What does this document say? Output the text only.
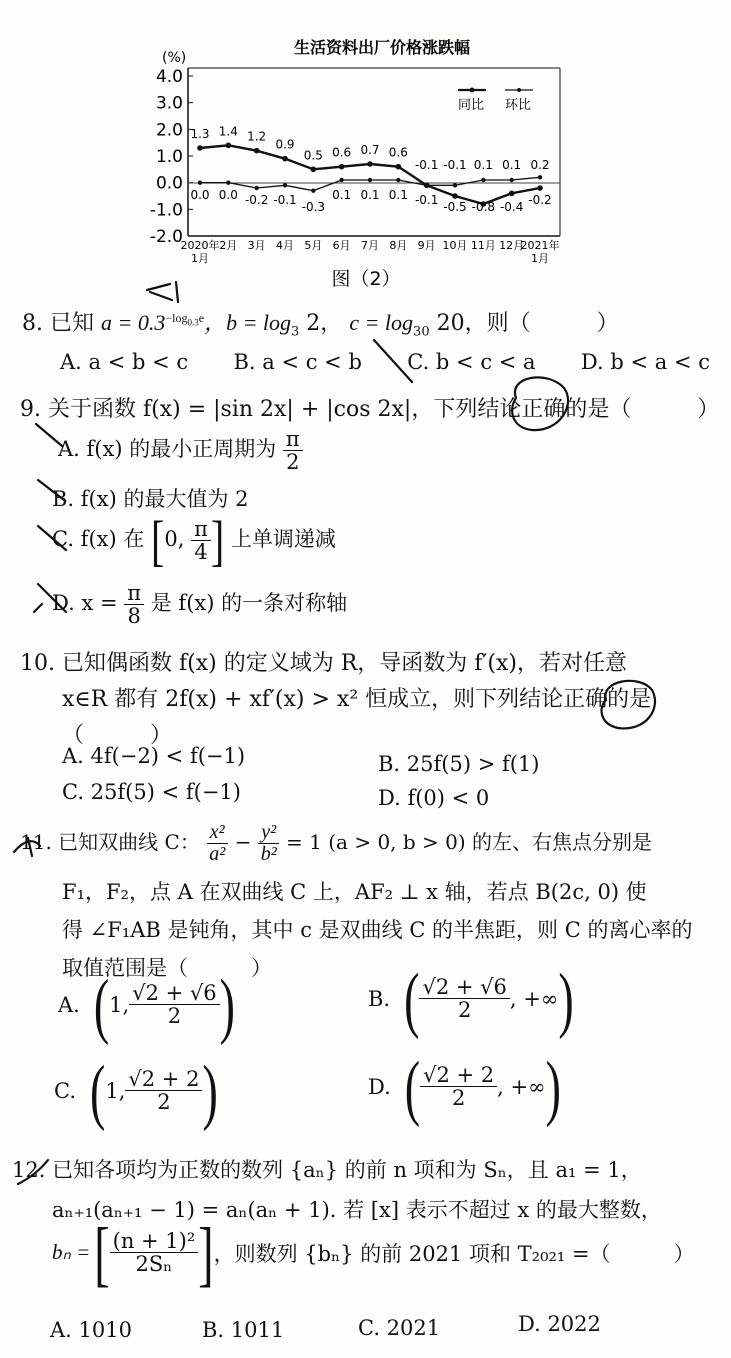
生活资料出厂价格涨跌幅
(%)
4.0
3.0
2.0
1.0
0.0
-1.0
-2.0
2020年 1月
2月 3月 4月 5月 6月 7月 8月 9月 10月 11月 12月
2021年 1月
1.3 1.4 1.2
0.9
0.5 0.6 0.7 0.6
-0.1 -0.1 0.1 0.1 0.2
0.0 0.0 -0.2 -0.1 -0.3
0.1 0.1 0.1 -0.1 -0.5 -0.8 -0.4 -0.2
同比 环比
图（2）
8. 已知 $a = 0.3^{-log_{0.3}e}$，$b = \log_3 2$， $c = \log_{30} 20$，则（　　　）
A. a < b < c B. a < c < b C. b < c < a D. b < a < c
9. 关于函数 f(x) = |sin 2x| + |cos 2x|，下列结论正确的是（　　　）
A. f(x) 的最小正周期为 $\frac{\pi}{2}$
B. f(x) 的最大值为 2
C. f(x) 在 [0, $\frac{\pi}{4}$ ] 上单调递减
D. $x = \frac{\pi}{8}$ 是 f(x) 的一条对称轴
10. 已知偶函数 f(x) 的定义域为 R，导函数为 f′(x)，若对任意
x∈R 都有 2f(x) + xf′(x) > x² 恒成立，则下列结论正确的是
（　　　）
A. 4f(−2) < f(−1)	B. 25f(5) > f(1)
C. 25f(5) < f(−1)	D. f(0) < 0
11. 已知双曲线 C： $\frac{\text{x²}}{\text{a²}} - \frac{\text{y²}}{\text{b²}} = 1$ (a > 0, b > 0) 的左、右焦点分别是
F₁，F₂，点 A 在双曲线 C 上，AF₂ ⊥ x 轴，若点 B(2c, 0) 使
得 ∠F₁AB 是钝角，其中 c 是双曲线 C 的半焦距，则 C 的离心率的
取值范围是（　　　）
A. ( 1, $\frac{√2 + √6}{2}$ )	B. ( $\frac{√2 + √6}{2}$ , +∞ )
C. ( 1, $\frac{√2 + 2}{2}$ )	D. ( $\frac{√2 + 2}{2}$ , +∞ )
12. 已知各项均为正数的数列 {aₙ} 的前 n 项和为 Sₙ，且 a₁ = 1，
aₙ₊₁(aₙ₊₁ − 1) = aₙ(aₙ + 1). 若 [x] 表示不超过 x 的最大整数，
bₙ = [ $\frac{\text{(n + 1)²}}{\text{2Sₙ}}$ ] ，则数列 {bₙ} 的前 2021 项和 T₂₀₂₁ =（　　　）
A. 1010	B. 1011	C. 2021	D. 2022
